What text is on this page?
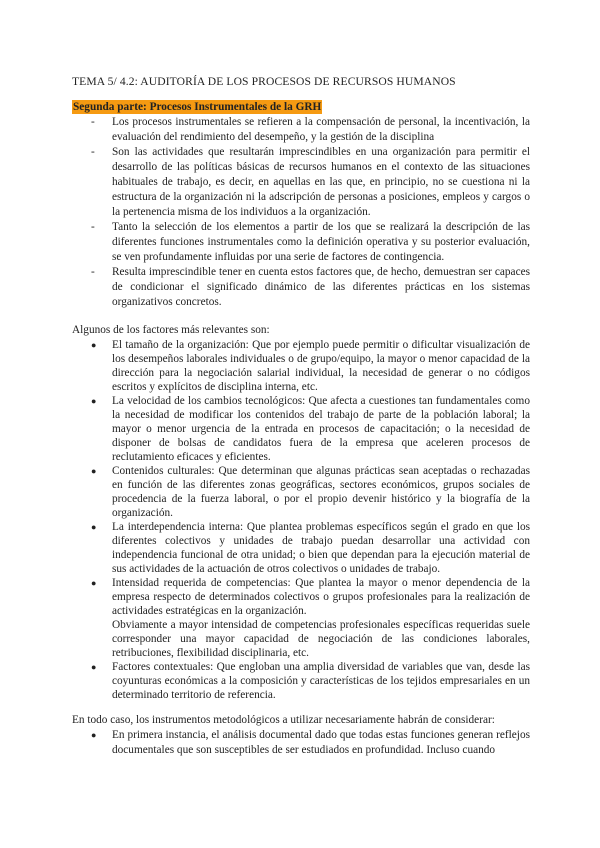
TEMA 5/ 4.2: AUDITORÍA DE LOS PROCESOS DE RECURSOS HUMANOS
Segunda parte: Procesos Instrumentales de la GRH
- Los procesos instrumentales se refieren a la compensación de personal, la incentivación, la evaluación del rendimiento del desempeño, y la gestión de la disciplina
- Son las actividades que resultarán imprescindibles en una organización para permitir el desarrollo de las políticas básicas de recursos humanos en el contexto de las situaciones habituales de trabajo, es decir, en aquellas en las que, en principio, no se cuestiona ni la estructura de la organización ni la adscripción de personas a posiciones, empleos y cargos o la pertenencia misma de los individuos a la organización.
- Tanto la selección de los elementos a partir de los que se realizará la descripción de las diferentes funciones instrumentales como la definición operativa y su posterior evaluación, se ven profundamente influidas por una serie de factores de contingencia.
- Resulta imprescindible tener en cuenta estos factores que, de hecho, demuestran ser capaces de condicionar el significado dinámico de las diferentes prácticas en los sistemas organizativos concretos.
Algunos de los factores más relevantes son:
● El tamaño de la organización: Que por ejemplo puede permitir o dificultar visualización de los desempeños laborales individuales o de grupo/equipo, la mayor o menor capacidad de la dirección para la negociación salarial individual, la necesidad de generar o no códigos escritos y explícitos de disciplina interna, etc.
● La velocidad de los cambios tecnológicos: Que afecta a cuestiones tan fundamentales como la necesidad de modificar los contenidos del trabajo de parte de la población laboral; la mayor o menor urgencia de la entrada en procesos de capacitación; o la necesidad de disponer de bolsas de candidatos fuera de la empresa que aceleren procesos de reclutamiento eficaces y eficientes.
● Contenidos culturales: Que determinan que algunas prácticas sean aceptadas o rechazadas en función de las diferentes zonas geográficas, sectores económicos, grupos sociales de procedencia de la fuerza laboral, o por el propio devenir histórico y la biografía de la organización.
● La interdependencia interna: Que plantea problemas específicos según el grado en que los diferentes colectivos y unidades de trabajo puedan desarrollar una actividad con independencia funcional de otra unidad; o bien que dependan para la ejecución material de sus actividades de la actuación de otros colectivos o unidades de trabajo.
● Intensidad requerida de competencias: Que plantea la mayor o menor dependencia de la empresa respecto de determinados colectivos o grupos profesionales para la realización de actividades estratégicas en la organización.

Obviamente a mayor intensidad de competencias profesionales específicas requeridas suele corresponder una mayor capacidad de negociación de las condiciones laborales, retribuciones, flexibilidad disciplinaria, etc.

● Factores contextuales: Que engloban una amplia diversidad de variables que van, desde las coyunturas económicas a la composición y características de los tejidos empresariales en un determinado territorio de referencia.
En todo caso, los instrumentos metodológicos a utilizar necesariamente habrán de considerar:
● En primera instancia, el análisis documental dado que todas estas funciones generan reflejos documentales que son susceptibles de ser estudiados en profundidad. Incluso cuando
